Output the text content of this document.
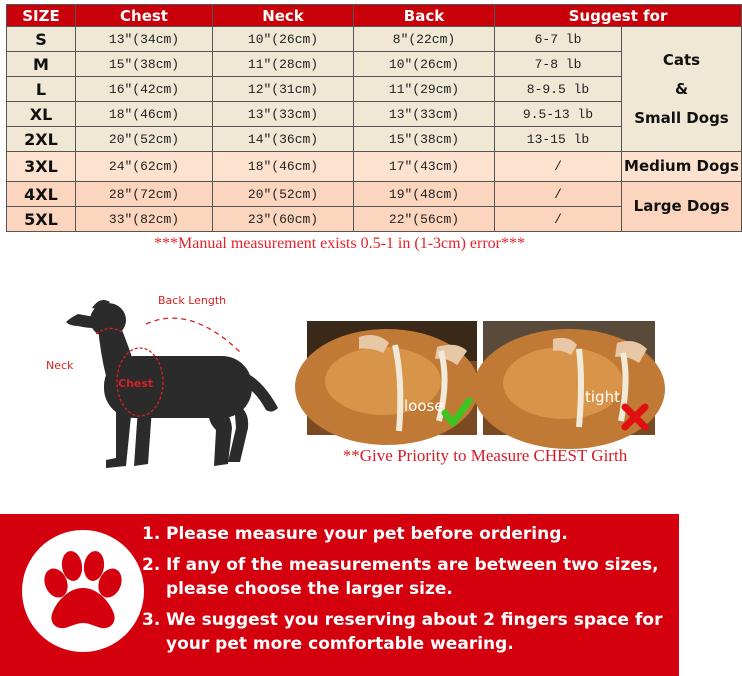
SIZE	Chest	Neck	Back	Suggest for	
S	13″(34cm)	10″(26cm)	8″(22cm)	6-7 lb	Cats
&
Small Dogs

M	15″(38cm)	11″(28cm)	10″(26cm)	7-8 lb	
L	16″(42cm)	12″(31cm)	11″(29cm)	8-9.5 lb	
XL	18″(46cm)	13″(33cm)	13″(33cm)	9.5-13 lb	
2XL	20″(52cm)	14″(36cm)	15″(38cm)	13-15 lb	
3XL	24″(62cm)	18″(46cm)	17″(43cm)	/	Medium Dogs
4XL	28″(72cm)	20″(52cm)	19″(48cm)	/	Large Dogs
5XL	33″(82cm)	23″(60cm)	22″(56cm)	/	
***Manual measurement exists 0.5-1 in (1-3cm) error***
Back Length
Neck
Chest
loose	tight
**Give Priority to Measure CHEST Girth
1. Please measure your pet before ordering.
2. If any of the measurements are between two sizes, please choose the larger size.
3. We suggest you reserving about 2 fingers space for your pet more comfortable wearing.
